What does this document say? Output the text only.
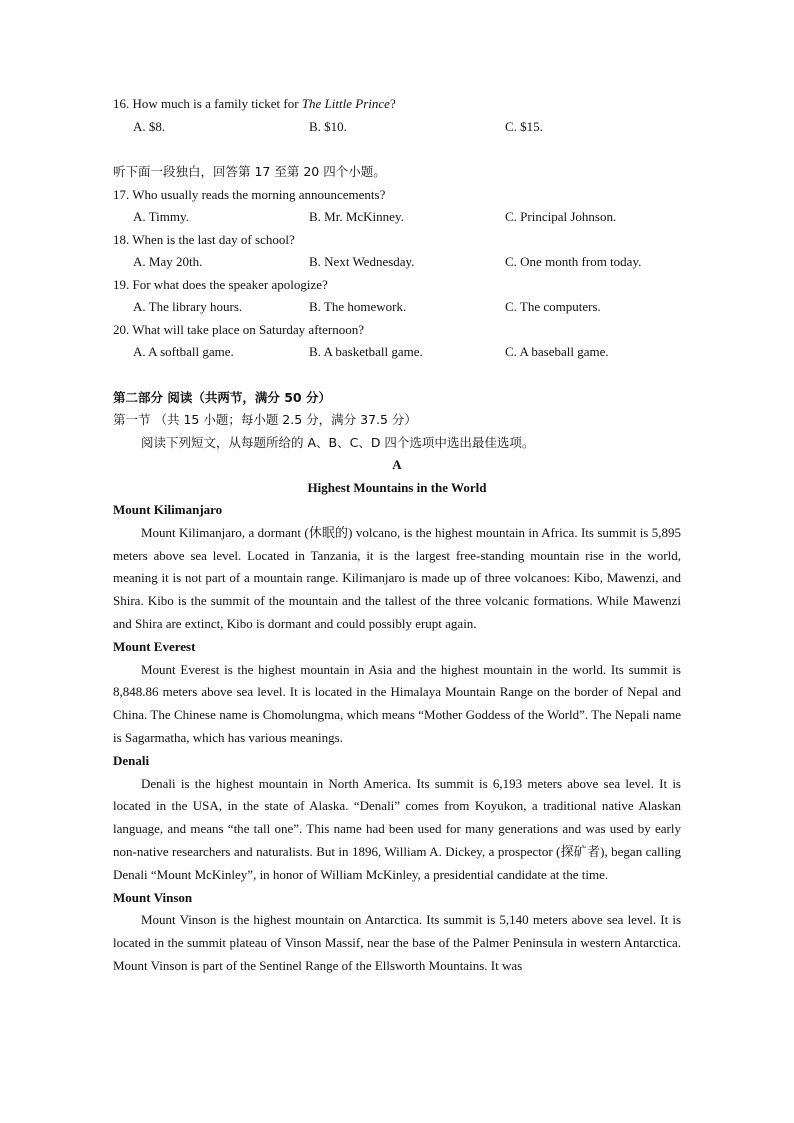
16. How much is a family ticket for The Little Prince?
A. $8.	B. $10.	C. $15.
听下面一段独白，回答第 17 至第 20 四个小题。
17. Who usually reads the morning announcements?
A. Timmy.	B. Mr. McKinney.	C. Principal Johnson.
18. When is the last day of school?
A. May 20th.	B. Next Wednesday.	C. One month from today.
19. For what does the speaker apologize?
A. The library hours.	B. The homework.	C. The computers.
20. What will take place on Saturday afternoon?
A. A softball game.	B. A basketball game.	C. A baseball game.
第二部分 阅读（共两节，满分 50 分）
第一节 （共 15 小题；每小题 2.5 分，满分 37.5 分）
阅读下列短文，从每题所给的 A、B、C、D 四个选项中选出最佳选项。
A
Highest Mountains in the World
Mount Kilimanjaro

Mount Kilimanjaro, a dormant (休眠的) volcano, is the highest mountain in Africa. Its summit is 5,895 meters above sea level. Located in Tanzania, it is the largest free-standing mountain rise in the world, meaning it is not part of a mountain range. Kilimanjaro is made up of three volcanoes: Kibo, Mawenzi, and Shira. Kibo is the summit of the mountain and the tallest of the three volcanic formations. While Mawenzi and Shira are extinct, Kibo is dormant and could possibly erupt again.

Mount Everest

Mount Everest is the highest mountain in Asia and the highest mountain in the world. Its summit is 8,848.86 meters above sea level. It is located in the Himalaya Mountain Range on the border of Nepal and China. The Chinese name is Chomolungma, which means “Mother Goddess of the World”. The Nepali name is Sagarmatha, which has various meanings.

Denali

Denali is the highest mountain in North America. Its summit is 6,193 meters above sea level. It is located in the USA, in the state of Alaska. “Denali” comes from Koyukon, a traditional native Alaskan language, and means “the tall one”. This name had been used for many generations and was used by early non-native researchers and naturalists. But in 1896, William A. Dickey, a prospector (探矿者), began calling Denali “Mount McKinley”, in honor of William McKinley, a presidential candidate at the time.

Mount Vinson

Mount Vinson is the highest mountain on Antarctica. Its summit is 5,140 meters above sea level. It is located in the summit plateau of Vinson Massif, near the base of the Palmer Peninsula in western Antarctica. Mount Vinson is part of the Sentinel Range of the Ellsworth Mountains. It was
